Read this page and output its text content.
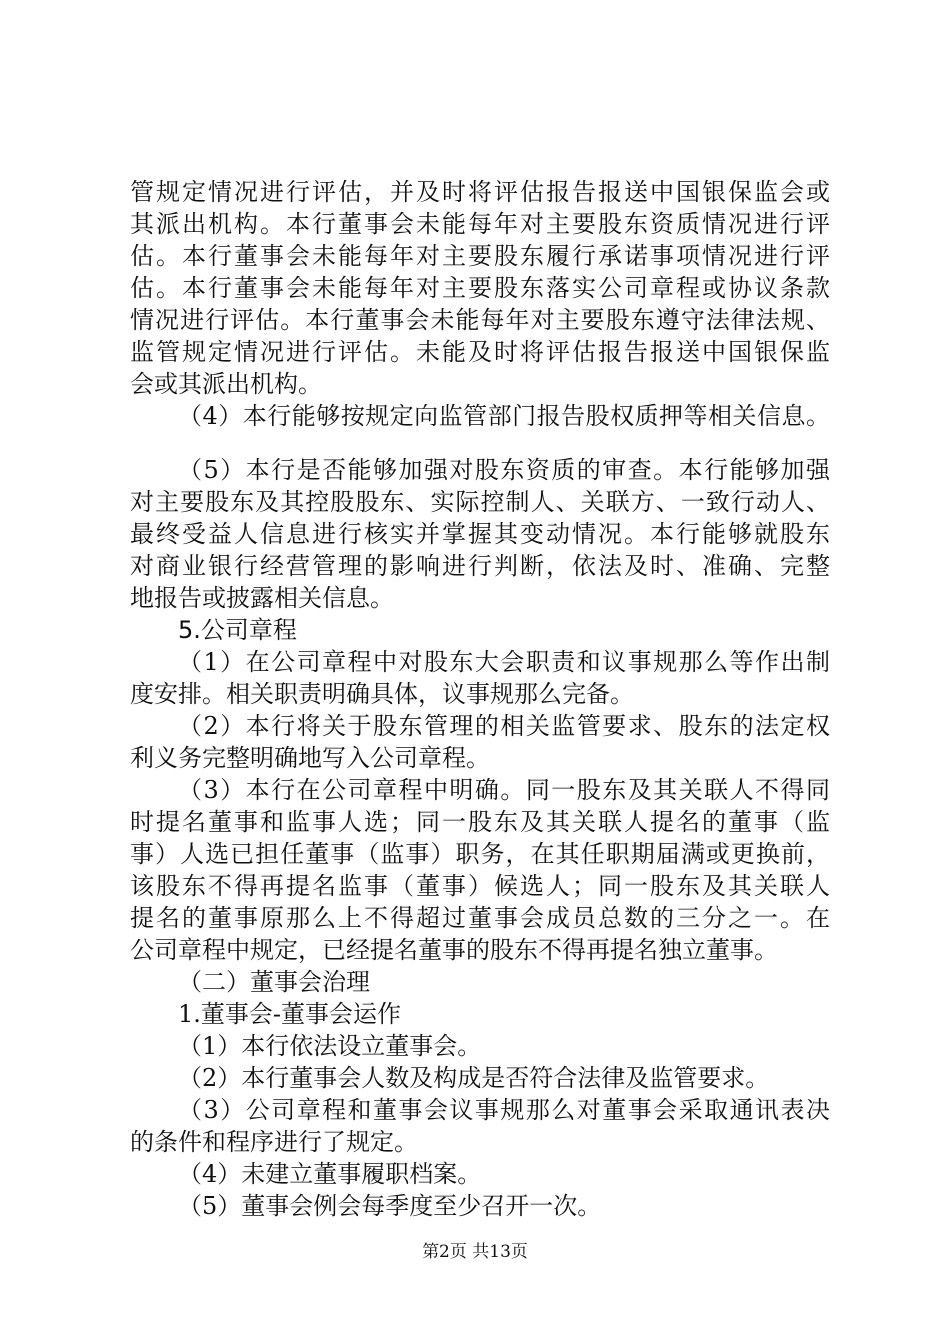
管规定情况进行评估，并及时将评估报告报送中国银保监会或
其派出机构。本行董事会未能每年对主要股东资质情况进行评
估。本行董事会未能每年对主要股东履行承诺事项情况进行评
估。本行董事会未能每年对主要股东落实公司章程或协议条款
情况进行评估。本行董事会未能每年对主要股东遵守法律法规、
监管规定情况进行评估。未能及时将评估报告报送中国银保监
会或其派出机构。
（4）本行能够按规定向监管部门报告股权质押等相关信息。
（5）本行是否能够加强对股东资质的审查。本行能够加强
对主要股东及其控股股东、实际控制人、关联方、一致行动人、
最终受益人信息进行核实并掌握其变动情况。本行能够就股东
对商业银行经营管理的影响进行判断，依法及时、准确、完整
地报告或披露相关信息。
5.公司章程
（1）在公司章程中对股东大会职责和议事规那么等作出制
度安排。相关职责明确具体，议事规那么完备。
（2）本行将关于股东管理的相关监管要求、股东的法定权
利义务完整明确地写入公司章程。
（3）本行在公司章程中明确。同一股东及其关联人不得同
时提名董事和监事人选；同一股东及其关联人提名的董事（监
事）人选已担任董事（监事）职务，在其任职期届满或更换前，
该股东不得再提名监事（董事）候选人；同一股东及其关联人
提名的董事原那么上不得超过董事会成员总数的三分之一。在
公司章程中规定，已经提名董事的股东不得再提名独立董事。
（二）董事会治理
1.董事会-董事会运作
（1）本行依法设立董事会。
（2）本行董事会人数及构成是否符合法律及监管要求。
（3）公司章程和董事会议事规那么对董事会采取通讯表决
的条件和程序进行了规定。
（4）未建立董事履职档案。
（5）董事会例会每季度至少召开一次。
第2页 共13页
